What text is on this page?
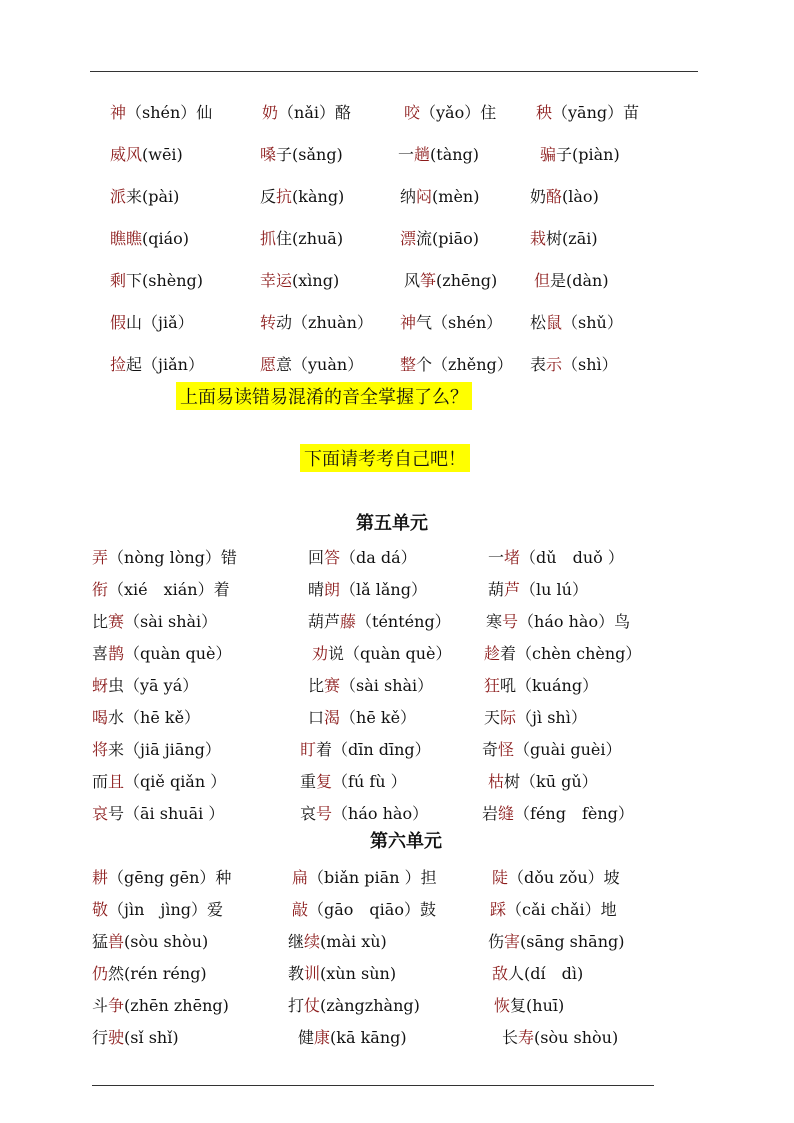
神（shén）仙	奶（nǎi）酪	咬（yǎo）住 秧（yāng）苗
威风(wēi)	嗓子(sǎng)	一趟(tàng)	骗子(piàn)
派来(pài)	反抗(kàng)	纳闷(mèn)	奶酪(lào)
瞧瞧(qiáo)	抓住(zhuā)	漂流(piāo)	栽树(zāi)
剩下(shèng)	幸运(xìng)	风筝(zhēng) 但是(dàn)
假山（jiǎ）	转动（zhuàn） 神气（shén） 松鼠（shǔ）
捡起（jiǎn）	愿意（yuàn） 整个（zhěng） 表示（shì）
上面易读错易混淆的音全掌握了么？
下面请考考自己吧！
第五单元
弄（nòng lòng）错	回答（da dá）	一堵（dǔ　duǒ ）
衔（xié　xián）着	晴朗（lǎ lǎng）	葫芦（lu lú）
比赛（sài shài）	葫芦藤（ténténg） 寒号（háo hào）鸟
喜鹊（quàn què）	劝说（quàn què） 趁着（chèn chèng）
蚜虫（yā yá）	比赛（sài shài）	狂吼（kuáng）
喝水（hē kě）	口渴（hē kě）	天际（jì shì）
将来（jiā jiāng）	盯着（dīn dīng）	奇怪（guài guèi）
而且（qiě qiǎn ）	重复（fú fù ）	枯树（kū gǔ）
哀号（āi shuāi ）	哀号（háo hào）	岩缝（féng　fèng）
第六单元
耕（gēng gēn）种	扁（biǎn piān ）担	陡（dǒu zǒu）坡
敬（jìn　jìng）爱	敲（gāo　qiāo）鼓	踩（cǎi chǎi）地
猛兽(sòu shòu)	继续(mài xù)	伤害(sāng shāng)
仍然(rén réng)	教训(xùn sùn)	敌人(dí　dì)
斗争(zhēn zhēng)	打仗(zàngzhàng)	恢复(huī)
行驶(sǐ shǐ)	健康(kā kāng)	长寿(sòu shòu)
